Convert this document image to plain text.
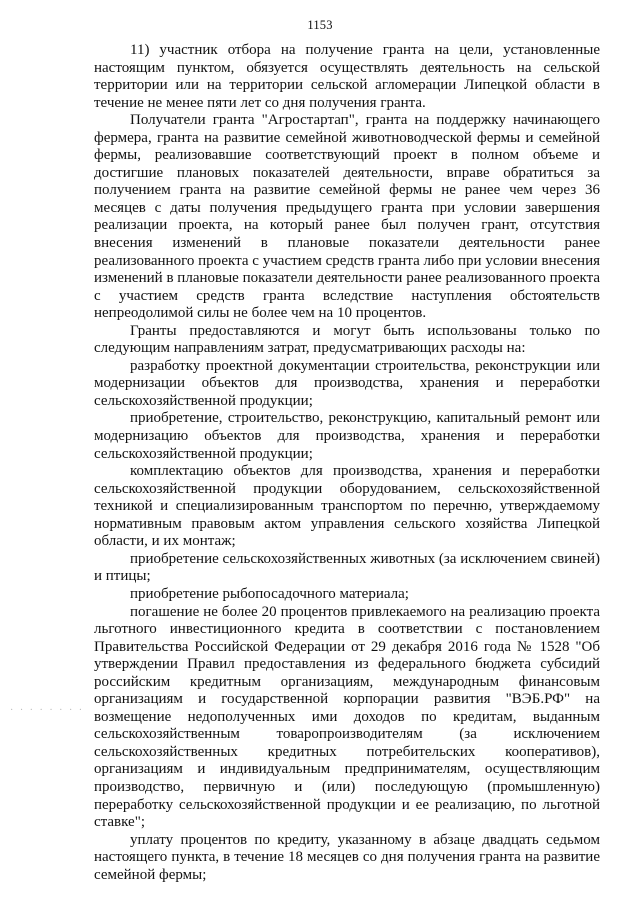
1153
· · · · · · · ·

11) участник отбора на получение гранта на цели, установленные настоящим пунктом, обязуется осуществлять деятельность на сельской территории или на территории сельской агломерации Липецкой области в течение не менее пяти лет со дня получения гранта.

Получатели гранта "Агростартап", гранта на поддержку начинающего фермера, гранта на развитие семейной животноводческой фермы и семейной фермы, реализовавшие соответствующий проект в полном объеме и достигшие плановых показателей деятельности, вправе обратиться за получением гранта на развитие семейной фермы не ранее чем через 36 месяцев с даты получения предыдущего гранта при условии завершения реализации проекта, на который ранее был получен грант, отсутствия внесения изменений в плановые показатели деятельности ранее реализованного проекта с участием средств гранта либо при условии внесения изменений в плановые показатели деятельности ранее реализованного проекта с участием средств гранта вследствие наступления обстоятельств непреодолимой силы не более чем на 10 процентов.

Гранты предоставляются и могут быть использованы только по следующим направлениям затрат, предусматривающих расходы на:

разработку проектной документации строительства, реконструкции или модернизации объектов для производства, хранения и переработки сельскохозяйственной продукции;

приобретение, строительство, реконструкцию, капитальный ремонт или модернизацию объектов для производства, хранения и переработки сельскохозяйственной продукции;

комплектацию объектов для производства, хранения и переработки сельскохозяйственной продукции оборудованием, сельскохозяйственной техникой и специализированным транспортом по перечню, утверждаемому нормативным правовым актом управления сельского хозяйства Липецкой области, и их монтаж;

приобретение сельскохозяйственных животных (за исключением свиней) и птицы;

приобретение рыбопосадочного материала;

погашение не более 20 процентов привлекаемого на реализацию проекта льготного инвестиционного кредита в соответствии с постановлением Правительства Российской Федерации от 29 декабря 2016 года № 1528 "Об утверждении Правил предоставления из федерального бюджета субсидий российским кредитным организациям, международным финансовым организациям и государственной корпорации развития "ВЭБ.РФ" на возмещение недополученных ими доходов по кредитам, выданным сельскохозяйственным товаропроизводителям (за исключением сельскохозяйственных кредитных потребительских кооперативов), организациям и индивидуальным предпринимателям, осуществляющим производство, первичную и (или) последующую (промышленную) переработку сельскохозяйственной продукции и ее реализацию, по льготной ставке";

уплату процентов по кредиту, указанному в абзаце двадцать седьмом настоящего пункта, в течение 18 месяцев со дня получения гранта на развитие семейной фермы;
